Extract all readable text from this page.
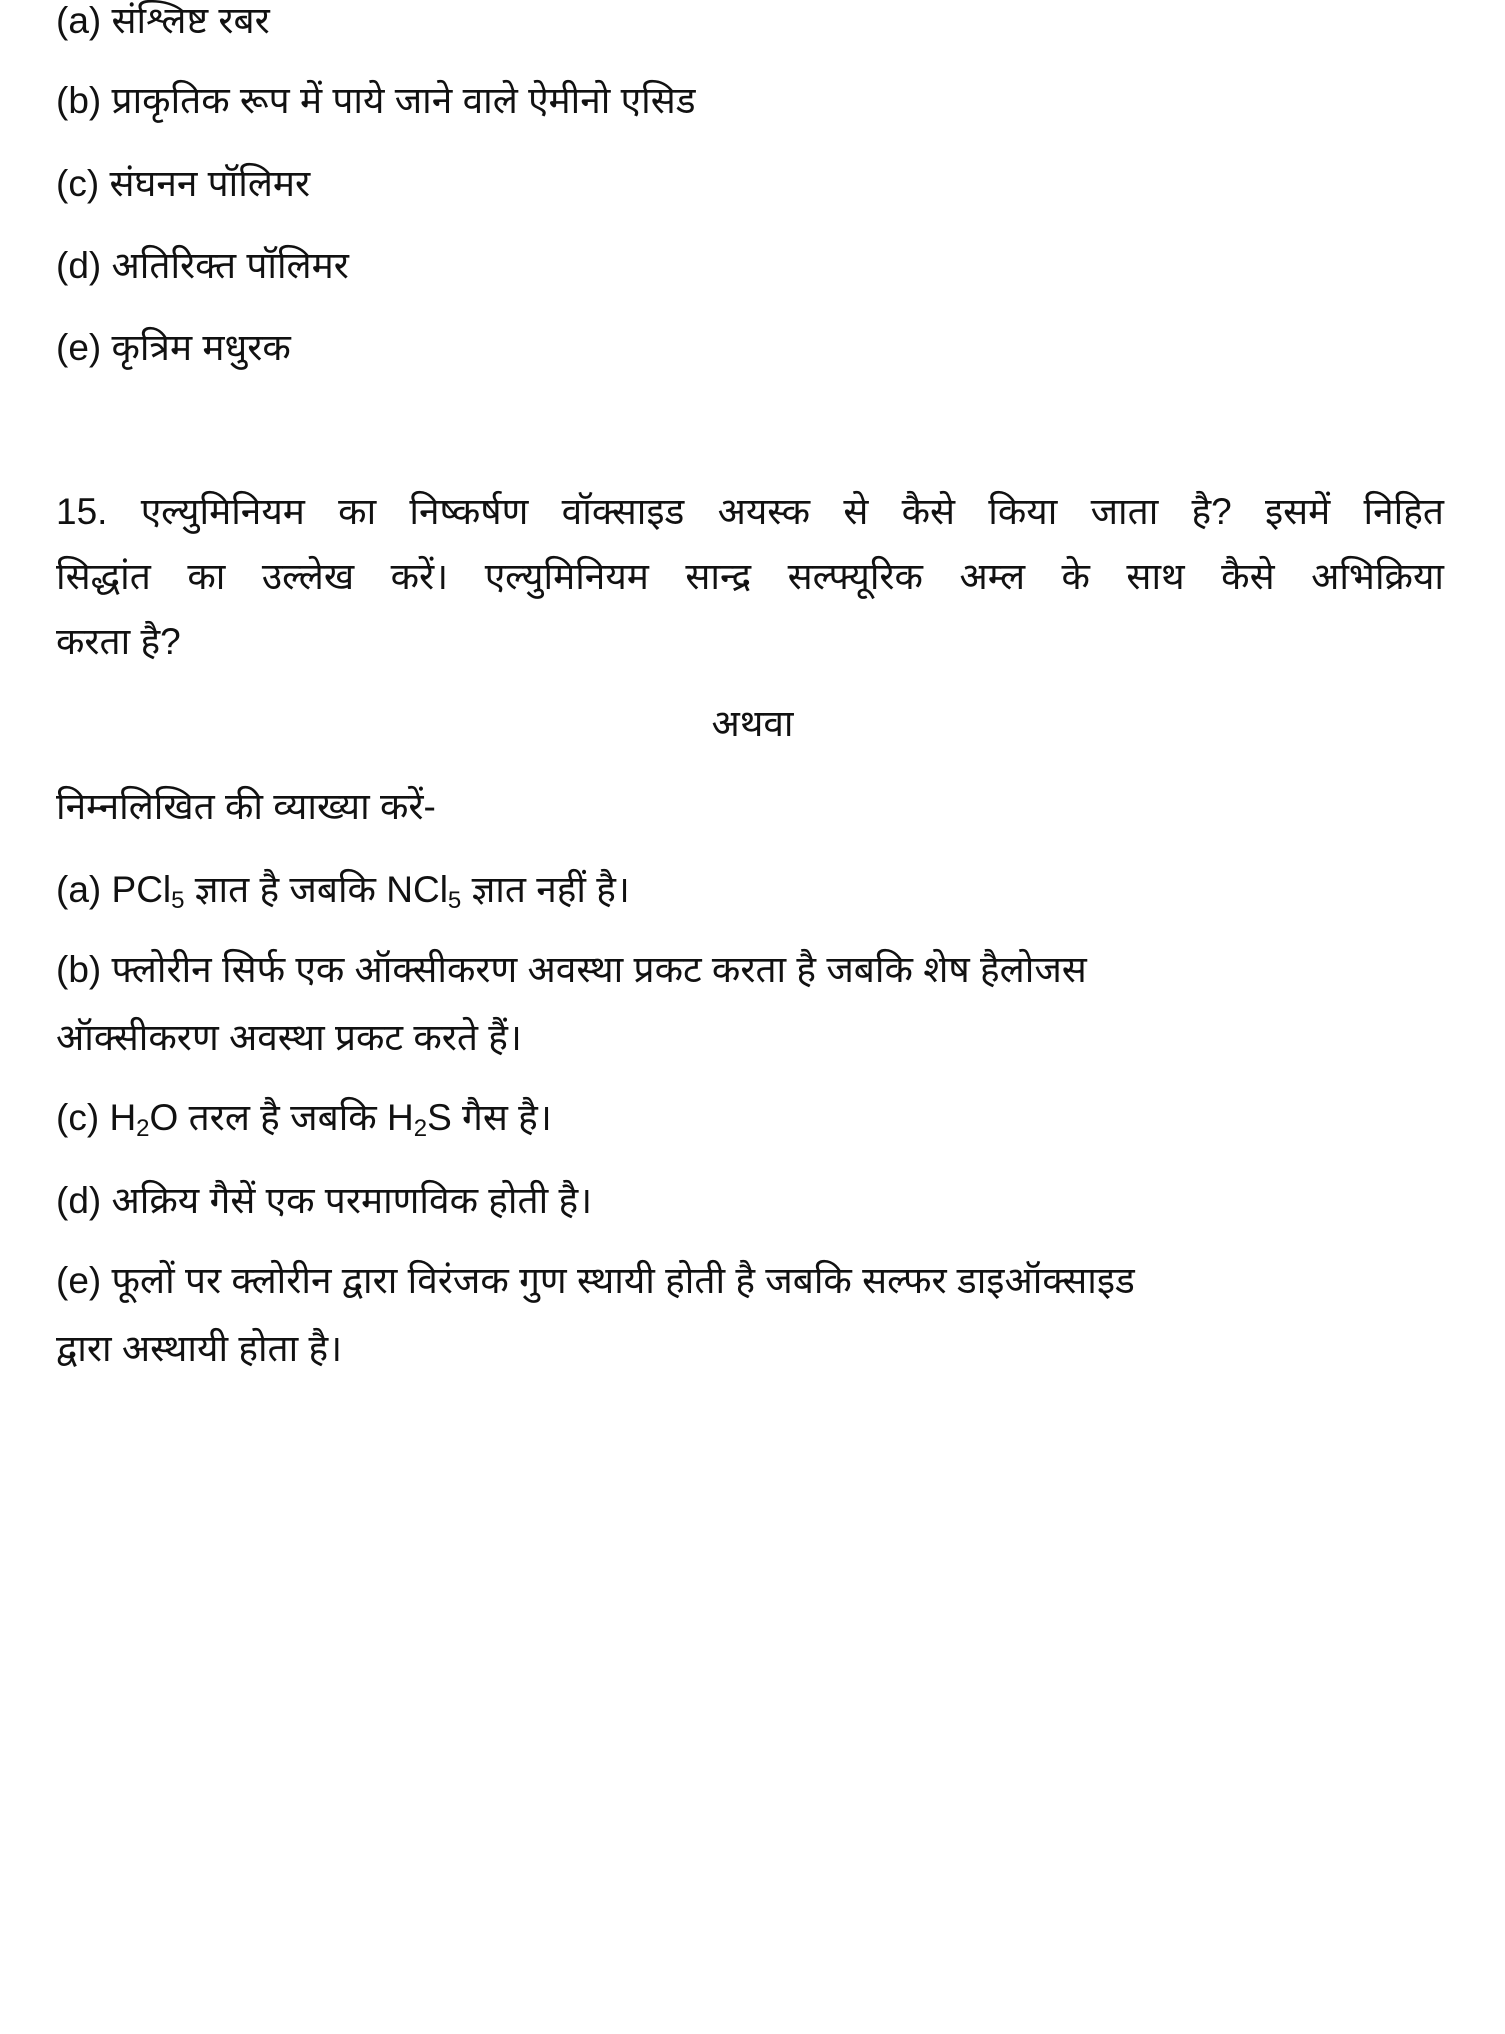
(a) संश्लिष्ट रबर
(b) प्राकृतिक रूप में पाये जाने वाले ऐमीनो एसिड
(c) संघनन पॉलिमर
(d) अतिरिक्त पॉलिमर
(e) कृत्रिम मधुरक
15. एल्युमिनियम का निष्कर्षण वॉक्साइड अयस्क से कैसे किया जाता है? इसमें निहित
सिद्धांत का उल्लेख करें। एल्युमिनियम सान्द्र सल्फ्यूरिक अम्ल के साथ कैसे अभिक्रिया
करता है?
अथवा
निम्नलिखित की व्याख्या करें-
(a) PCl$_5$ ज्ञात है जबकि NCl$_5$ ज्ञात नहीं है।
(b) फ्लोरीन सिर्फ एक ऑक्सीकरण अवस्था प्रकट करता है जबकि शेष हैलोजस
ऑक्सीकरण अवस्था प्रकट करते हैं।
(c) $H_2O$ तरल है जबकि $H_2S$ गैस है।
(d) अक्रिय गैसें एक परमाणविक होती है।
(e) फूलों पर क्लोरीन द्वारा विरंजक गुण स्थायी होती है जबकि सल्फर डाइऑक्साइड
द्वारा अस्थायी होता है।
